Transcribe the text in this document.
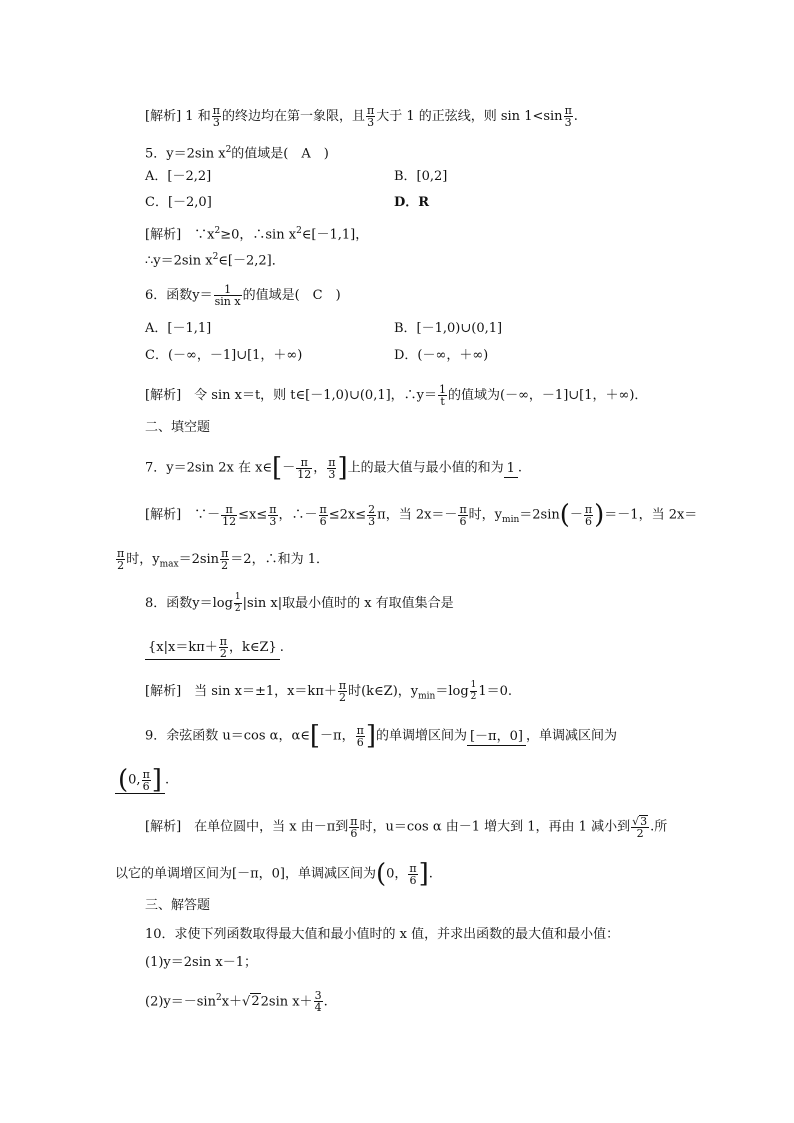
[解析] 1 和 $\frac{\pi}{3}$ 的终边均在第一象限，且 $\frac{\pi}{3}$ 大于 1 的正弦线，则 $\sin 1<\sin \frac{\pi}{3}$ .
5．y＝2sin $x^2$的值域是(　A　)
A．[－2,2]	B．[0,2]
C．[－2,0]	D．R
[解析]　$\because x^2\ge 0$，∴sin $x^2\in[-1,1]$，
∴y＝2sin $x^2\in[-2,2]$．
6．函数$y= \frac{1}{\text{sin x}}$ 的值域是(　C　)
A．[－1,1]	B．[－1,0)∪(0,1]
C．(－∞，－1]∪[1，＋∞)	D．(－∞，＋∞)
[解析]　令 sin x＝t，则 t∈[－1,0)∪(0,1]，∴y＝ $\frac{1}{t}$ 的值域为(－∞，－1]∪[1，＋∞)．
二、填空题
7．y＝2sin 2x 在 x∈[－ $\frac{\pi}{12}$ ， $\frac{\pi}{3}$ ]上的最大值与最小值的和为 1 .
[解析]　∵－ $\frac{\pi}{12} \le x\le \frac{\pi}{3}$ ，∴－ $\frac{\pi}{6} \le 2x\le \frac{2}{3}$ π，当 $2x=- \frac{\pi}{6}$ 时，$y_{min}=2\sin(- \frac{\pi}{6} )=-1$，当 2x＝
$\frac{\pi}{2}$ 时，$y_{max}=2\sin \frac{\pi}{2} =2$，∴和为 1．
8．函数$y=\log \frac{1}{2} |\sin$ x|取最小值时的 x 有取值集合是
{$x|x=k\pi+ \frac{\pi}{2}$ ，k∈Z} .
[解析]　当 sin x＝±1，$x=k\pi+ \frac{\pi}{2}$ 时(k∈Z)，$y_{min}=\log \frac{1}{2} 1=0$.
9．余弦函数 u＝cos α，α∈[－π， $\frac{\pi}{6}$ ]的单调增区间为 [－π，0] ，单调减区间为
(0, $\frac{\pi}{6}$ ] .
[解析]　在单位圆中，当 x 由－π到 $\frac{\pi}{6}$ 时，u＝cos α 由－1 增大到 1，再由 1 减小到 $\frac{√3}{2}$ .所
以它的单调增区间为[－π，0]，单调减区间为(0， $\frac{\pi}{6}$ ].
三、解答题
10．求使下列函数取得最大值和最小值时的 x 值，并求出函数的最大值和最小值：
(1)y＝2sin x－1；
$(2)y=-\sin^2x+√22\sin$ $x+ \frac{3}{4}$ .
